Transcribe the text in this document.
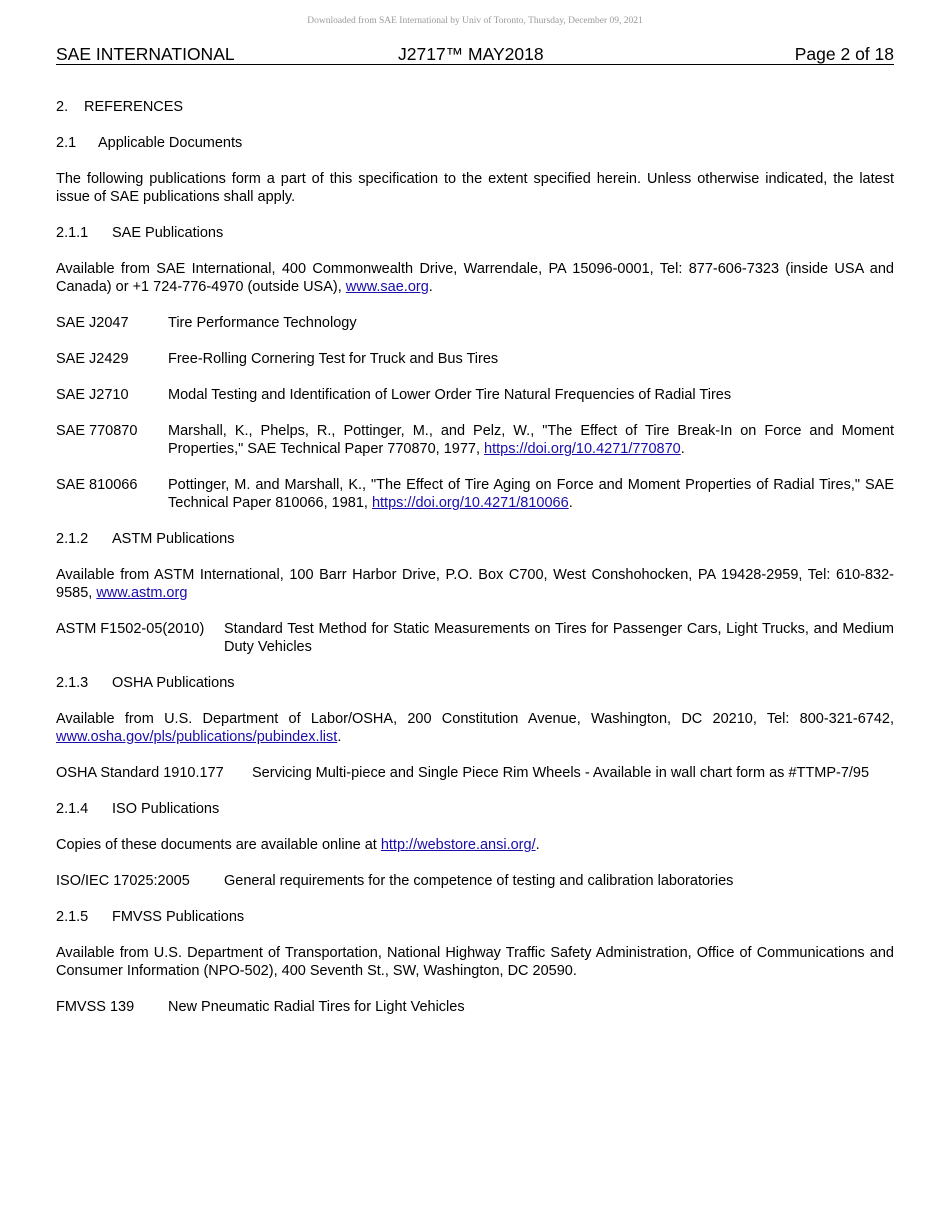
Downloaded from SAE International by Univ of Toronto, Thursday, December 09, 2021
SAE INTERNATIONAL	J2717™ MAY2018	Page 2 of 18
2. REFERENCES
2.1 Applicable Documents

The following publications form a part of this specification to the extent specified herein. Unless otherwise indicated, the latest issue of SAE publications shall apply.

2.1.1 SAE Publications

Available from SAE International, 400 Commonwealth Drive, Warrendale, PA 15096-0001, Tel: 877-606-7323 (inside USA and Canada) or +1 724-776-4970 (outside USA), www.sae.org.

SAE J2047	Tire Performance Technology
SAE J2429	Free-Rolling Cornering Test for Truck and Bus Tires
SAE J2710	Modal Testing and Identification of Lower Order Tire Natural Frequencies of Radial Tires
SAE 770870	Marshall, K., Phelps, R., Pottinger, M., and Pelz, W., "The Effect of Tire Break-In on Force and Moment Properties," SAE Technical Paper 770870, 1977, https://doi.org/10.4271/770870.
SAE 810066	Pottinger, M. and Marshall, K., "The Effect of Tire Aging on Force and Moment Properties of Radial Tires," SAE Technical Paper 810066, 1981, https://doi.org/10.4271/810066.
2.1.2 ASTM Publications

Available from ASTM International, 100 Barr Harbor Drive, P.O. Box C700, West Conshohocken, PA 19428-2959, Tel: 610-832-9585, www.astm.org

ASTM F1502-05(2010)	Standard Test Method for Static Measurements on Tires for Passenger Cars, Light Trucks, and Medium Duty Vehicles
2.1.3 OSHA Publications

Available from U.S. Department of Labor/OSHA, 200 Constitution Avenue, Washington, DC 20210, Tel: 800-321-6742, www.osha.gov/pls/publications/pubindex.list.

OSHA Standard 1910.177	Servicing Multi-piece and Single Piece Rim Wheels - Available in wall chart form as #TTMP-7/95
2.1.4 ISO Publications

Copies of these documents are available online at http://webstore.ansi.org/.

ISO/IEC 17025:2005	General requirements for the competence of testing and calibration laboratories
2.1.5 FMVSS Publications

Available from U.S. Department of Transportation, National Highway Traffic Safety Administration, Office of Communications and Consumer Information (NPO-502), 400 Seventh St., SW, Washington, DC 20590.

FMVSS 139	New Pneumatic Radial Tires for Light Vehicles
